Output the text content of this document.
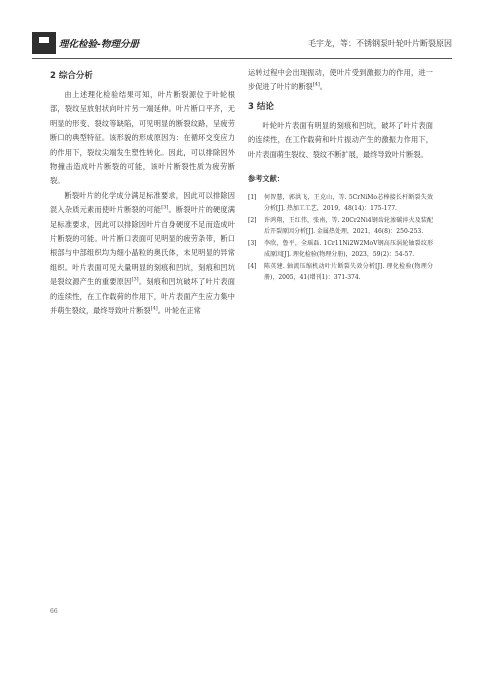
理化检验-物理分册	毛宇龙，等：不锈钢泵叶轮叶片断裂原因
2 综合分析

由上述理化检验结果可知，叶片断裂源位于叶轮根部，裂纹呈放射状向叶片另一端延伸。叶片断口平齐，无明显的形变、裂纹等缺陷，可见明显的断裂纹路，呈疲劳断口的典型特征。该形貌的形成原因为：在循环交变应力的作用下，裂纹尖端发生塑性转化。因此，可以排除因外物撞击造成叶片断裂的可能，该叶片断裂性质为疲劳断裂。

断裂叶片的化学成分满足标准要求，因此可以排除因混入杂质元素而使叶片断裂的可能[3]。断裂叶片的硬度满足标准要求，因此可以排除因叶片自身硬度不足而造成叶片断裂的可能。叶片断口表面可见明显的疲劳条带，断口根部与中部组织均为细小晶粒的奥氏体，未见明显的异常组织。叶片表面可见大量明显的刻痕和凹坑，刻痕和凹坑是裂纹源产生的重要原因[3]。刻痕和凹坑破坏了叶片表面的连续性，在工作载荷的作用下，叶片表面产生应力集中并萌生裂纹，最终导致叶片断裂[4]。叶轮在正常

运转过程中会出现振动，使叶片受到激振力的作用，进一步促进了叶片的断裂[4]。

3 结论

叶轮叶片表面有明显的刻痕和凹坑，破坏了叶片表面的连续性，在工作载荷和叶片振动产生的激振力作用下，叶片表面萌生裂纹、裂纹不断扩展，最终导致叶片断裂。

参考文献：
[1]	何智慧，郭洪飞，王克山，等. 5CrNiMo芯棒接长杆断裂失效分析[J]. 热加工工艺，2019，48(14)：175-177.
[2]	许鸿翔，王红伟，张南，等. 20Cr2Ni4钢齿轮渗碳淬火及装配后开裂原因分析[J]. 金属热处理，2021，46(8)：250-253.
[3]	李欣，鲁平，全瑶磊. 1Cr11Ni2W2MoV钢高压涡轮轴裂纹形成原因[J]. 理化检验(物理分册)，2023，59(2)：54-57.
[4]	陈英建. 轴流压缩机动叶片断裂失效分析[J]. 理化检验(物理分册)，2005，41(增刊1)：371-374.
66
